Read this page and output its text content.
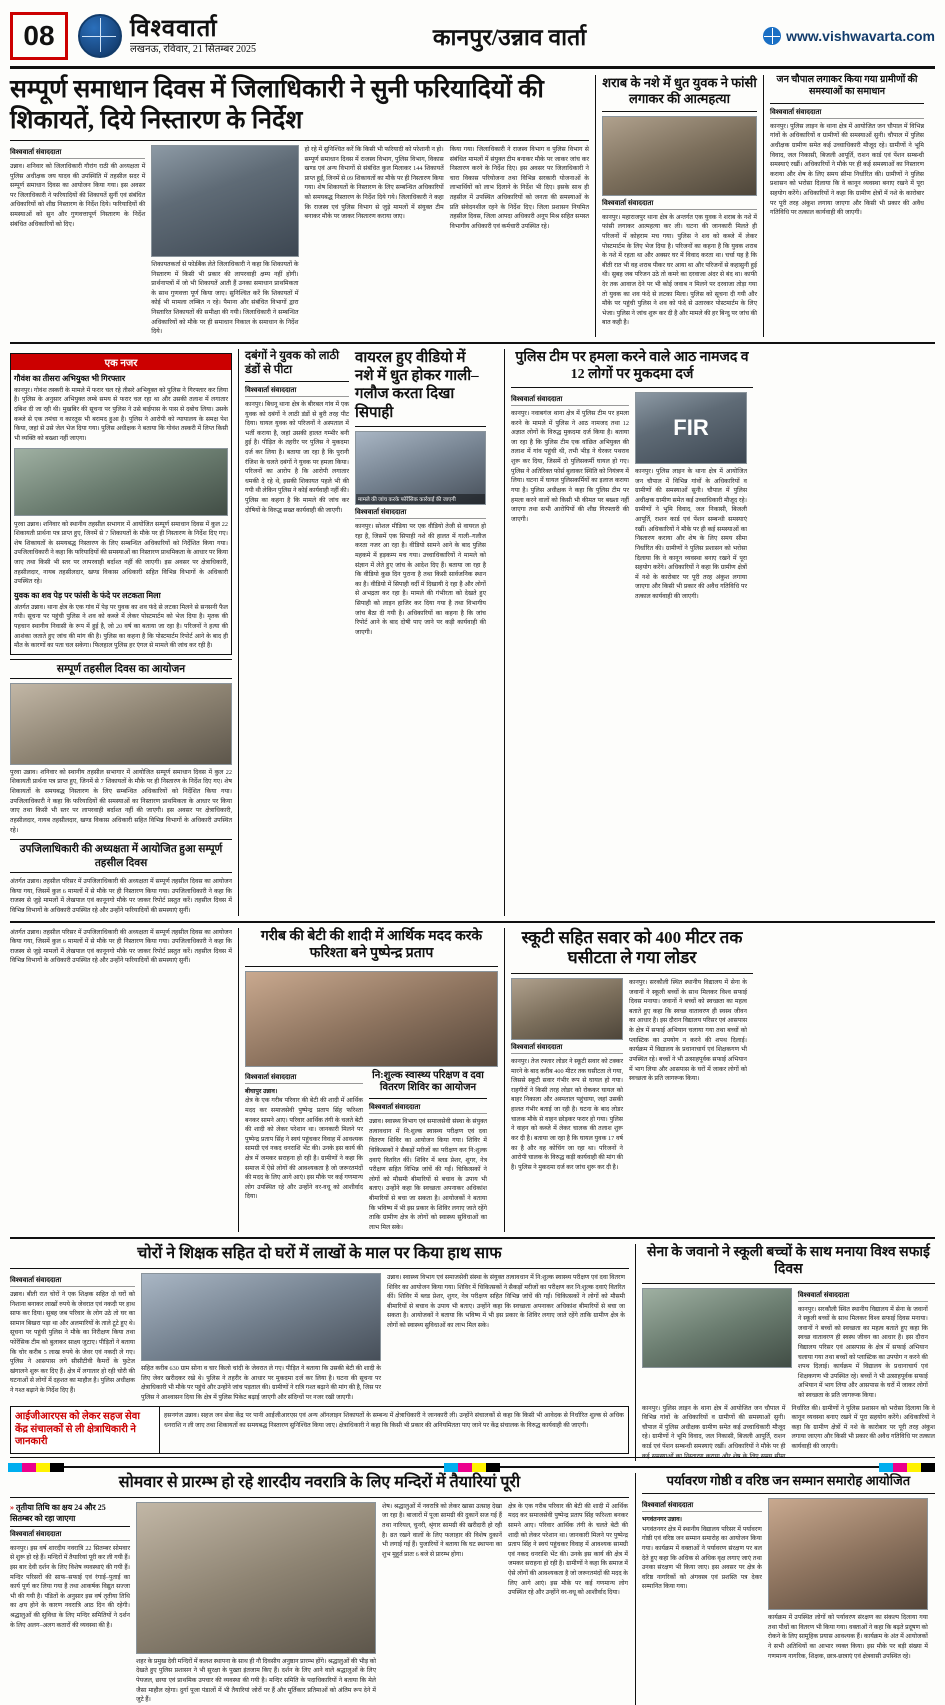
08	विश्ववार्ता
लखनऊ, रविवार, 21 सितम्बर 2025	कानपुर/उन्नाव वार्ता	www.vishwavarta.com
सम्पूर्ण समाधान दिवस में जिलाधिकारी ने सुनी फरियादियों की शिकायतें, दिये निस्तारण के निर्देश
विश्ववार्ता संवाददाता
उन्नाव। शनिवार को जिलाधिकारी गौरांग राठी की अध्यक्षता में पुलिस अधीक्षक जय यादव की उपस्थिति में तहसील सदर में सम्पूर्ण समाधान दिवस का आयोजन किया गया। इस अवसर पर जिलाधिकारी ने फरियादियों की शिकायतें सुनीं एवं संबंधित अधिकारियों को शीघ्र निस्तारण के निर्देश दिये। फरियादियों की समस्याओं को सुन और गुणवत्तापूर्ण निस्तारण के निर्देश संबंधित अधिकारियों को दिए।
शिकायतकर्ता से फोर्डबैक लेते जिलाधिकारी ने कहा कि शिकायतों के निस्तारण में किसी भी प्रकार की लापरवाही क्षम्य नहीं होगी। प्रार्थनापत्रों में जो भी शिकायतें आती हैं उनका समाधान प्राथमिकता के साथ गुणवत्ता पूर्ण किया जाए। सुनिश्चित करें कि शिकायतों में कोई भी मामला लम्बित न रहे। पैमाना और संबंधित विभागों द्वारा निस्तारित शिकायतों की समीक्षा की गयी। जिलाधिकारी ने सम्बन्धित अधिकारियों को मौके पर ही समाधान निकाल के समाधान के निर्देश दिये।
हो रहे में सुनिश्चित करें कि किसी भी फरियादी को परेशानी न हो। सम्पूर्ण समाधान दिवस में राजस्व विभाग, पुलिस विभाग, विकास खण्ड एवं अन्य विभागों से संबंधित कुल मिलाकर 144 शिकायतें प्राप्त हुईं, जिनमें से 09 शिकायतों का मौके पर ही निस्तारण किया गया। शेष शिकायतों के निस्तारण के लिए सम्बन्धित अधिकारियों को समयबद्ध निस्तारण के निर्देश दिये गये। जिलाधिकारी ने कहा कि राजस्व एवं पुलिस विभाग से जुड़े मामलों में संयुक्त टीम बनाकर मौके पर जाकर निस्तारण कराया जाए।
किया गया। जिलाधिकारी ने राजस्व विभाग व पुलिस विभाग से संबंधित मामलों में संयुक्त टीम बनाकर मौके पर जाकर जांच कर निस्तारण करने के निर्देश दिए। इस अवसर पर जिलाधिकारी ने चारा विकास परियोजना तथा विभिन्न सरकारी योजनाओं के लाभार्थियों को लाभ दिलाने के निर्देश भी दिए। इसके साथ ही तहसील में उपस्थित अधिकारियों को जनता की समस्याओं के प्रति संवेदनशील रहने के निर्देश दिए। जिला प्रशासन नियमित तहसील दिवस, जिला आपदा अधिकारी अनूप मिश्र सहित समस्त विभागीय अधिकारी एवं कर्मचारी उपस्थित रहे।
शराब के नशे में धुत युवक ने फांसी लगाकर की आत्महत्या
विश्ववार्ता संवाददाता
कानपुर। महाराजपुर थाना क्षेत्र के अन्तर्गत एक युवक ने शराब के नशे में फांसी लगाकर आत्महत्या कर ली। घटना की जानकारी मिलते ही परिजनों में कोहराम मच गया। पुलिस ने शव को कब्जे में लेकर पोस्टमार्टम के लिए भेज दिया है। परिजनों का कहना है कि युवक शराब के नशे में रहता था और अक्सर घर में विवाद करता था। चर्चा यह है कि बीती रात भी वह शराब पीकर घर आया था और परिजनों से कहासुनी हुई थी। सुबह जब परिजन उठे तो कमरे का दरवाजा अंदर से बंद था। काफी देर तक आवाज देने पर भी कोई जवाब न मिलने पर दरवाजा तोड़ा गया तो युवक का शव फंदे से लटका मिला। पुलिस को सूचना दी गयी और मौके पर पहुंची पुलिस ने शव को फंदे से उतारकर पोस्टमार्टम के लिए भेजा। पुलिस ने जांच शुरू कर दी है और मामले की हर बिन्दु पर जांच की बात कही है।
जन चौपाल लगाकर किया गया ग्रामीणों की समस्याओं का समाधान
विश्ववार्ता संवाददाता
कानपुर। पुलिस लाइन के थाना क्षेत्र में आयोजित जन चौपाल में विभिन्न गांवों के अधिकारियों व ग्रामीणों की समस्याओं सुनी। चौपाल में पुलिस अधीक्षक ग्रामीण समेत कई उच्चाधिकारी मौजूद रहे। ग्रामीणों ने भूमि विवाद, जल निकासी, बिजली आपूर्ति, राशन कार्ड एवं पेंशन सम्बन्धी समस्याएं रखीं। अधिकारियों ने मौके पर ही कई समस्याओं का निस्तारण कराया और शेष के लिए समय सीमा निर्धारित की। ग्रामीणों ने पुलिस प्रशासन को भरोसा दिलाया कि वे कानून व्यवस्था बनाए रखने में पूरा सहयोग करेंगे। अधिकारियों ने कहा कि ग्रामीण क्षेत्रों में नशे के कारोबार पर पूरी तरह अंकुश लगाया जाएगा और किसी भी प्रकार की अवैध गतिविधि पर तत्काल कार्यवाही की जाएगी।
एक नजर
गौवंश का तीसरा अभियुक्त भी गिरफ्तार
कानपुर। गोवंश तस्करी के मामले में फरार चल रहे तीसरे अभियुक्त को पुलिस ने गिरफ्तार कर लिया है। पुलिस के अनुसार अभियुक्त लम्बे समय से फरार चल रहा था और उसकी तलाश में लगातार दबिश दी जा रही थी। मुखबिर की सूचना पर पुलिस ने उसे बाईपास के पास से दबोच लिया। उसके कब्जे से एक तमंचा व कारतूस भी बरामद हुआ है। पुलिस ने आरोपी को न्यायालय के समक्ष पेश किया, जहां से उसे जेल भेज दिया गया। पुलिस अधीक्षक ने बताया कि गोवंश तस्करी में लिप्त किसी भी व्यक्ति को बख्शा नहीं जाएगा।
पुरवा उन्नाव। शनिवार को स्थानीय तहसील सभागार में आयोजित सम्पूर्ण समाधान दिवस में कुल 22 शिकायती प्रार्थना पत्र प्राप्त हुए, जिनमें से 7 शिकायतों के मौके पर ही निस्तारण के निर्देश दिए गए। शेष शिकायतों के समयबद्ध निस्तारण के लिए सम्बन्धित अधिकारियों को निर्देशित किया गया। उपजिलाधिकारी ने कहा कि फरियादियों की समस्याओं का निस्तारण प्राथमिकता के आधार पर किया जाए तथा किसी भी स्तर पर लापरवाही बर्दाश्त नहीं की जाएगी। इस अवसर पर क्षेत्राधिकारी, तहसीलदार, नायब तहसीलदार, खण्ड विकास अधिकारी सहित विभिन्न विभागों के अधिकारी उपस्थित रहे।
युवक का शव पेड़ पर फांसी के फंदे पर लटकता मिला
अंतर्गत उन्नाव। थाना क्षेत्र के एक गांव में पेड़ पर युवक का शव फंदे से लटका मिलने से सनसनी फैल गयी। सूचना पर पहुंची पुलिस ने शव को कब्जे में लेकर पोस्टमार्टम को भेज दिया है। मृतक की पहचान स्थानीय निवासी के रूप में हुई है, जो 20 वर्ष का बताया जा रहा है। परिजनों ने हत्या की आशंका जताते हुए जांच की मांग की है। पुलिस का कहना है कि पोस्टमार्टम रिपोर्ट आने के बाद ही मौत के कारणों का पता चल सकेगा। फिलहाल पुलिस हर एंगल से मामले की जांच कर रही है।
सम्पूर्ण तहसील दिवस का आयोजन
पुरवा उन्नाव। शनिवार को स्थानीय तहसील सभागार में आयोजित सम्पूर्ण समाधान दिवस में कुल 22 शिकायती प्रार्थना पत्र प्राप्त हुए, जिनमें से 7 शिकायतों के मौके पर ही निस्तारण के निर्देश दिए गए। शेष शिकायतों के समयबद्ध निस्तारण के लिए सम्बन्धित अधिकारियों को निर्देशित किया गया। उपजिलाधिकारी ने कहा कि फरियादियों की समस्याओं का निस्तारण प्राथमिकता के आधार पर किया जाए तथा किसी भी स्तर पर लापरवाही बर्दाश्त नहीं की जाएगी। इस अवसर पर क्षेत्राधिकारी, तहसीलदार, नायब तहसीलदार, खण्ड विकास अधिकारी सहित विभिन्न विभागों के अधिकारी उपस्थित रहे।
उपजिलाधिकारी की अध्यक्षता में आयोजित हुआ सम्पूर्ण तहसील दिवस
अंतर्गत उन्नाव। तहसील परिसर में उपजिलाधिकारी की अध्यक्षता में सम्पूर्ण तहसील दिवस का आयोजन किया गया, जिसमें कुल 6 मामलों में से मौके पर ही निस्तारण किया गया। उपजिलाधिकारी ने कहा कि राजस्व से जुड़े मामलों में लेखपाल एवं कानूनगो मौके पर जाकर रिपोर्ट प्रस्तुत करें। तहसील दिवस में विभिन्न विभागों के अधिकारी उपस्थित रहे और उन्होंने फरियादियों की समस्याएं सुनीं।
दबंगों ने युवक को लाठी डंडों से पीटा
विश्ववार्ता संवाददाता
कानपुर। बिधनू थाना क्षेत्र के बीरबल गांव में एक युवक को दबंगों ने लाठी डंडों से बुरी तरह पीट दिया। घायल युवक को परिजनों ने अस्पताल में भर्ती कराया है, जहां उसकी हालत गम्भीर बनी हुई है। पीड़ित के तहरीर पर पुलिस ने मुकदमा दर्ज कर लिया है। बताया जा रहा है कि पुरानी रंजिश के चलते दबंगों ने युवक पर हमला किया। परिजनों का आरोप है कि आरोपी लगातार धमकी दे रहे थे, इसकी शिकायत पहले भी की गयी थी लेकिन पुलिस ने कोई कार्यवाही नहीं की। पुलिस का कहना है कि मामले की जांच कर दोषियों के विरुद्ध सख्त कार्यवाही की जाएगी।
वायरल हुए वीडियो में नशे में धुत होकर गाली–गलौज करता दिखा सिपाही
मामले की जांच करके फोरेंसिक कार्रवाई की जाएगी
विश्ववार्ता संवाददाता
कानपुर। सोशल मीडिया पर एक वीडियो तेजी से वायरल हो रहा है, जिसमें एक सिपाही नशे की हालत में गाली–गलौज करता नजर आ रहा है। वीडियो सामने आने के बाद पुलिस महकमे में हड़कम्प मच गया। उच्चाधिकारियों ने मामले को संज्ञान में लेते हुए जांच के आदेश दिए हैं। बताया जा रहा है कि वीडियो कुछ दिन पुराना है तथा किसी सार्वजनिक स्थान का है। वीडियो में सिपाही वर्दी में दिखायी दे रहा है और लोगों से अभद्रता कर रहा है। मामले की गंभीरता को देखते हुए सिपाही को लाइन हाजिर कर दिया गया है तथा विभागीय जांच बैठा दी गयी है। अधिकारियों का कहना है कि जांच रिपोर्ट आने के बाद दोषी पाए जाने पर कड़ी कार्यवाही की जाएगी।
पुलिस टीम पर हमला करने वाले आठ नामजद व 12 लोगों पर मुकदमा दर्ज
विश्ववार्ता संवाददाता
कानपुर। नवाबगंज थाना क्षेत्र में पुलिस टीम पर हमला करने के मामले में पुलिस ने आठ नामजद तथा 12 अज्ञात लोगों के विरुद्ध मुकदमा दर्ज किया है। बताया जा रहा है कि पुलिस टीम एक वांछित अभियुक्त की तलाश में गांव पहुंची थी, तभी भीड़ ने घेरकर पथराव शुरू कर दिया, जिसमें दो पुलिसकर्मी घायल हो गए। पुलिस ने अतिरिक्त फोर्स बुलाकर स्थिति को नियंत्रण में लिया। घटना में घायल पुलिसकर्मियों का इलाज कराया गया है। पुलिस अधीक्षक ने कहा कि पुलिस टीम पर हमला करने वालों को किसी भी कीमत पर बख्शा नहीं जाएगा तथा सभी आरोपियों की शीघ्र गिरफ्तारी की जाएगी।
FIR
कानपुर। पुलिस लाइन के थाना क्षेत्र में आयोजित जन चौपाल में विभिन्न गांवों के अधिकारियों व ग्रामीणों की समस्याओं सुनी। चौपाल में पुलिस अधीक्षक ग्रामीण समेत कई उच्चाधिकारी मौजूद रहे। ग्रामीणों ने भूमि विवाद, जल निकासी, बिजली आपूर्ति, राशन कार्ड एवं पेंशन सम्बन्धी समस्याएं रखीं। अधिकारियों ने मौके पर ही कई समस्याओं का निस्तारण कराया और शेष के लिए समय सीमा निर्धारित की। ग्रामीणों ने पुलिस प्रशासन को भरोसा दिलाया कि वे कानून व्यवस्था बनाए रखने में पूरा सहयोग करेंगे। अधिकारियों ने कहा कि ग्रामीण क्षेत्रों में नशे के कारोबार पर पूरी तरह अंकुश लगाया जाएगा और किसी भी प्रकार की अवैध गतिविधि पर तत्काल कार्यवाही की जाएगी।
अंतर्गत उन्नाव। तहसील परिसर में उपजिलाधिकारी की अध्यक्षता में सम्पूर्ण तहसील दिवस का आयोजन किया गया, जिसमें कुल 6 मामलों में से मौके पर ही निस्तारण किया गया। उपजिलाधिकारी ने कहा कि राजस्व से जुड़े मामलों में लेखपाल एवं कानूनगो मौके पर जाकर रिपोर्ट प्रस्तुत करें। तहसील दिवस में विभिन्न विभागों के अधिकारी उपस्थित रहे और उन्होंने फरियादियों की समस्याएं सुनीं।
गरीब की बेटी की शादी में आर्थिक मदद करके फरिश्ता बने पुष्पेन्द्र प्रताप
विश्ववार्ता संवाददाता
बीघापुर उन्नाव।
क्षेत्र के एक गरीब परिवार की बेटी की शादी में आर्थिक मदद कर समाजसेवी पुष्पेन्द्र प्रताप सिंह फरिश्ता बनकर सामने आए। परिवार आर्थिक तंगी के चलते बेटी की शादी को लेकर परेशान था। जानकारी मिलने पर पुष्पेन्द्र प्रताप सिंह ने स्वयं पहुंचकर विवाह में आवश्यक सामग्री एवं नकद धनराशि भेंट की। उनके इस कार्य की क्षेत्र में जमकर सराहना हो रही है। ग्रामीणों ने कहा कि समाज में ऐसे लोगों की आवश्यकता है जो जरूरतमंदों की मदद के लिए आगे आएं। इस मौके पर कई गणमान्य लोग उपस्थित रहे और उन्होंने वर-वधू को आशीर्वाद दिया।
नि:शुल्क स्वास्थ्य परिक्षण व दवा वितरण शिविर का आयोजन
विश्ववार्ता संवाददाता
उन्नाव। स्वास्थ्य विभाग एवं समाजसेवी संस्था के संयुक्त तत्वावधान में नि:शुल्क स्वास्थ्य परीक्षण एवं दवा वितरण शिविर का आयोजन किया गया। शिविर में चिकित्सकों ने सैकड़ों मरीजों का परीक्षण कर नि:शुल्क दवाएं वितरित कीं। शिविर में ब्लड प्रेशर, शुगर, नेत्र परीक्षण सहित विभिन्न जांचें की गईं। चिकित्सकों ने लोगों को मौसमी बीमारियों से बचाव के उपाय भी बताए। उन्होंने कहा कि स्वच्छता अपनाकर अधिकांश बीमारियों से बचा जा सकता है। आयोजकों ने बताया कि भविष्य में भी इस प्रकार के शिविर लगाए जाते रहेंगे ताकि ग्रामीण क्षेत्र के लोगों को स्वास्थ्य सुविधाओं का लाभ मिल सके।
स्कूटी सहित सवार को 400 मीटर तक घसीटता ले गया लोडर
विश्ववार्ता संवाददाता
कानपुर। तेज रफ्तार लोडर ने स्कूटी सवार को टक्कर मारने के बाद करीब 400 मीटर तक घसीटता ले गया, जिससे स्कूटी सवार गंभीर रूप से घायल हो गया। राहगीरों ने किसी तरह लोडर को रोककर घायल को बाहर निकाला और अस्पताल पहुंचाया, जहां उसकी हालत गंभीर बताई जा रही है। घटना के बाद लोडर चालक मौके से वाहन छोड़कर फरार हो गया। पुलिस ने वाहन को कब्जे में लेकर चालक की तलाश शुरू कर दी है। बताया जा रहा है कि घायल युवक 17 वर्ष का है और वह कोचिंग जा रहा था। परिजनों ने आरोपी चालक के विरुद्ध कड़ी कार्यवाही की मांग की है। पुलिस ने मुकदमा दर्ज कर जांच शुरू कर दी है।
कानपुर। सरकौली स्थित स्थानीय विद्यालय में सेना के जवानों ने स्कूली बच्चों के साथ मिलकर विश्व सफाई दिवस मनाया। जवानों ने बच्चों को स्वच्छता का महत्व बताते हुए कहा कि स्वच्छ वातावरण ही स्वस्थ जीवन का आधार है। इस दौरान विद्यालय परिसर एवं आसपास के क्षेत्र में सफाई अभियान चलाया गया तथा बच्चों को प्लास्टिक का उपयोग न करने की शपथ दिलाई। कार्यक्रम में विद्यालय के प्रधानाचार्य एवं शिक्षकगण भी उपस्थित रहे। बच्चों ने भी उत्साहपूर्वक सफाई अभियान में भाग लिया और आसपास के घरों में जाकर लोगों को स्वच्छता के प्रति जागरूक किया।
चोरों ने शिक्षक सहित दो घरों में लाखों के माल पर किया हाथ साफ
विश्ववार्ता संवाददाता
उन्नाव। बीती रात चोरों ने एक शिक्षक सहित दो घरों को निशाना बनाकर लाखों रुपये के जेवरात एवं नकदी पर हाथ साफ कर दिया। सुबह जब परिवार के लोग उठे तो घर का सामान बिखरा पड़ा था और अलमारियों के ताले टूटे हुए थे। सूचना पर पहुंची पुलिस ने मौके का निरीक्षण किया तथा फोरेंसिक टीम को बुलाकर साक्ष्य जुटाए। पीड़ितों ने बताया कि चोर करीब 5 लाख रुपये के जेवर एवं नकदी ले गए। पुलिस ने आसपास लगे सीसीटीवी कैमरों के फुटेज खंगालने शुरू कर दिए हैं। क्षेत्र में लगातार हो रही चोरी की घटनाओं से लोगों में दहशत का माहौल है। पुलिस अधीक्षक ने गश्त बढ़ाने के निर्देश दिए हैं।
सहित करीब 630 ग्राम सोना व चार किलो चांदी के जेवरात ले गए। पीड़ित ने बताया कि उसकी बेटी की शादी के लिए जेवर खरीदकर रखे थे। पुलिस ने तहरीर के आधार पर मुकदमा दर्ज कर लिया है। घटना की सूचना पर क्षेत्राधिकारी भी मौके पर पहुंचे और उन्होंने जांच पड़ताल की। ग्रामीणों ने रात्रि गश्त बढ़ाने की मांग की है, जिस पर पुलिस ने आश्वासन दिया कि क्षेत्र में पुलिस पिकेट बढ़ाई जाएगी और संदिग्धों पर नजर रखी जाएगी।
उन्नाव। स्वास्थ्य विभाग एवं समाजसेवी संस्था के संयुक्त तत्वावधान में नि:शुल्क स्वास्थ्य परीक्षण एवं दवा वितरण शिविर का आयोजन किया गया। शिविर में चिकित्सकों ने सैकड़ों मरीजों का परीक्षण कर नि:शुल्क दवाएं वितरित कीं। शिविर में ब्लड प्रेशर, शुगर, नेत्र परीक्षण सहित विभिन्न जांचें की गईं। चिकित्सकों ने लोगों को मौसमी बीमारियों से बचाव के उपाय भी बताए। उन्होंने कहा कि स्वच्छता अपनाकर अधिकांश बीमारियों से बचा जा सकता है। आयोजकों ने बताया कि भविष्य में भी इस प्रकार के शिविर लगाए जाते रहेंगे ताकि ग्रामीण क्षेत्र के लोगों को स्वास्थ्य सुविधाओं का लाभ मिल सके।
आईजीआरएस को लेकर सहज सेवा केंद्र संचालकों से ली क्षेत्राधिकारी ने जानकारी
हसनगंज उन्नाव। सहज जन सेवा केंद्र पर पानी आईजीआरएस एवं अन्य ऑनलाइन शिकायतों के सम्बन्ध में क्षेत्राधिकारी ने जानकारी ली। उन्होंने संचालकों से कहा कि किसी भी आवेदक से निर्धारित शुल्क से अधिक धनराशि न ली जाए तथा शिकायतों का समयबद्ध निस्तारण सुनिश्चित किया जाए। क्षेत्राधिकारी ने कहा कि किसी भी प्रकार की अनियमितता पाए जाने पर केंद्र संचालक के विरुद्ध कार्यवाही की जाएगी।
सेना के जवानो ने स्कूली बच्चों के साथ मनाया विश्व सफाई दिवस
विश्ववार्ता संवाददाता
कानपुर। सरकौली स्थित स्थानीय विद्यालय में सेना के जवानों ने स्कूली बच्चों के साथ मिलकर विश्व सफाई दिवस मनाया। जवानों ने बच्चों को स्वच्छता का महत्व बताते हुए कहा कि स्वच्छ वातावरण ही स्वस्थ जीवन का आधार है। इस दौरान विद्यालय परिसर एवं आसपास के क्षेत्र में सफाई अभियान चलाया गया तथा बच्चों को प्लास्टिक का उपयोग न करने की शपथ दिलाई। कार्यक्रम में विद्यालय के प्रधानाचार्य एवं शिक्षकगण भी उपस्थित रहे। बच्चों ने भी उत्साहपूर्वक सफाई अभियान में भाग लिया और आसपास के घरों में जाकर लोगों को स्वच्छता के प्रति जागरूक किया।
कानपुर। पुलिस लाइन के थाना क्षेत्र में आयोजित जन चौपाल में विभिन्न गांवों के अधिकारियों व ग्रामीणों की समस्याओं सुनी। चौपाल में पुलिस अधीक्षक ग्रामीण समेत कई उच्चाधिकारी मौजूद रहे। ग्रामीणों ने भूमि विवाद, जल निकासी, बिजली आपूर्ति, राशन कार्ड एवं पेंशन सम्बन्धी समस्याएं रखीं। अधिकारियों ने मौके पर ही कई समस्याओं का निस्तारण कराया और शेष के लिए समय सीमा निर्धारित की। ग्रामीणों ने पुलिस प्रशासन को भरोसा दिलाया कि वे कानून व्यवस्था बनाए रखने में पूरा सहयोग करेंगे। अधिकारियों ने कहा कि ग्रामीण क्षेत्रों में नशे के कारोबार पर पूरी तरह अंकुश लगाया जाएगा और किसी भी प्रकार की अवैध गतिविधि पर तत्काल कार्यवाही की जाएगी।
सोमवार से प्रारम्भ हो रहे शारदीय नवरात्रि के लिए मन्दिरों में तैयारियां पूरी
» तृतीया तिथि का क्षय 24 और 25 सितम्बर को रहा जाएगा
विश्ववार्ता संवाददाता
कानपुर। इस वर्ष शारदीय नवरात्रि 22 सितम्बर सोमवार से शुरू हो रहे हैं। मन्दिरों में तैयारियां पूरी कर ली गयी हैं। इस बार देवी दर्शन के लिए विशेष व्यवस्थाएं की गयी हैं। मन्दिर परिसरों की साफ–सफाई एवं रंगाई–पुताई का कार्य पूर्ण कर लिया गया है तथा आकर्षक विद्युत सज्जा भी की गयी है। पंडितों के अनुसार इस वर्ष तृतीया तिथि का क्षय होने के कारण नवरात्रि आठ दिन की रहेगी। श्रद्धालुओं की सुविधा के लिए मन्दिर समितियों ने दर्शन के लिए अलग–अलग कतारों की व्यवस्था की है।
शहर के प्रमुख देवी मन्दिरों में कलश स्थापना के साथ ही नौ दिवसीय अनुष्ठान प्रारम्भ होंगे। श्रद्धालुओं की भीड़ को देखते हुए पुलिस प्रशासन ने भी सुरक्षा के पुख्ता इंतजाम किए हैं। दर्शन के लिए आने वाले श्रद्धालुओं के लिए पेयजल, छाया एवं प्राथमिक उपचार की व्यवस्था की गयी है। मन्दिर समिति के पदाधिकारियों ने बताया कि मेले जैसा माहौल रहेगा। दुर्गा पूजा पंडालों में भी तैयारियां जोरों पर हैं और मूर्तिकार प्रतिमाओं को अंतिम रूप देने में जुटे हैं।
शेष। श्रद्धालुओं में नवरात्रि को लेकर खासा उत्साह देखा जा रहा है। बाजारों में पूजा सामग्री की दुकानें सज गई हैं तथा नारियल, चुनरी, श्रृंगार सामग्री की खरीदारी हो रही है। व्रत रखने वालों के लिए फलाहार की विशेष दुकानें भी लगाई गई हैं। पुजारियों ने बताया कि घट स्थापना का शुभ मुहूर्त प्रातः 6 बजे से प्रारम्भ होगा।
क्षेत्र के एक गरीब परिवार की बेटी की शादी में आर्थिक मदद कर समाजसेवी पुष्पेन्द्र प्रताप सिंह फरिश्ता बनकर सामने आए। परिवार आर्थिक तंगी के चलते बेटी की शादी को लेकर परेशान था। जानकारी मिलने पर पुष्पेन्द्र प्रताप सिंह ने स्वयं पहुंचकर विवाह में आवश्यक सामग्री एवं नकद धनराशि भेंट की। उनके इस कार्य की क्षेत्र में जमकर सराहना हो रही है। ग्रामीणों ने कहा कि समाज में ऐसे लोगों की आवश्यकता है जो जरूरतमंदों की मदद के लिए आगे आएं। इस मौके पर कई गणमान्य लोग उपस्थित रहे और उन्होंने वर-वधू को आशीर्वाद दिया।
पर्यावरण गोष्ठी व वरिष्ठ जन सम्मान समारोह आयोजित
विश्ववार्ता संवाददाता
भगवंतनगर उन्नाव।
भगवंतनगर क्षेत्र में स्थानीय विद्यालय परिसर में पर्यावरण गोष्ठी एवं वरिष्ठ जन सम्मान समारोह का आयोजन किया गया। कार्यक्रम में वक्ताओं ने पर्यावरण संरक्षण पर बल देते हुए कहा कि अधिक से अधिक वृक्ष लगाए जाएं तथा उनका संरक्षण भी किया जाए। इस अवसर पर क्षेत्र के वरिष्ठ नागरिकों को अंगवस्त्र एवं प्रशस्ति पत्र देकर सम्मानित किया गया।
कार्यक्रम में उपस्थित लोगों को पर्यावरण संरक्षण का संकल्प दिलाया गया तथा पौधों का वितरण भी किया गया। वक्ताओं ने कहा कि बढ़ते प्रदूषण को रोकने के लिए सामूहिक प्रयास आवश्यक हैं। कार्यक्रम के अंत में आयोजकों ने सभी अतिथियों का आभार व्यक्त किया। इस मौके पर बड़ी संख्या में गणमान्य नागरिक, शिक्षक, छात्र-छात्राएं एवं क्षेत्रवासी उपस्थित रहे।
